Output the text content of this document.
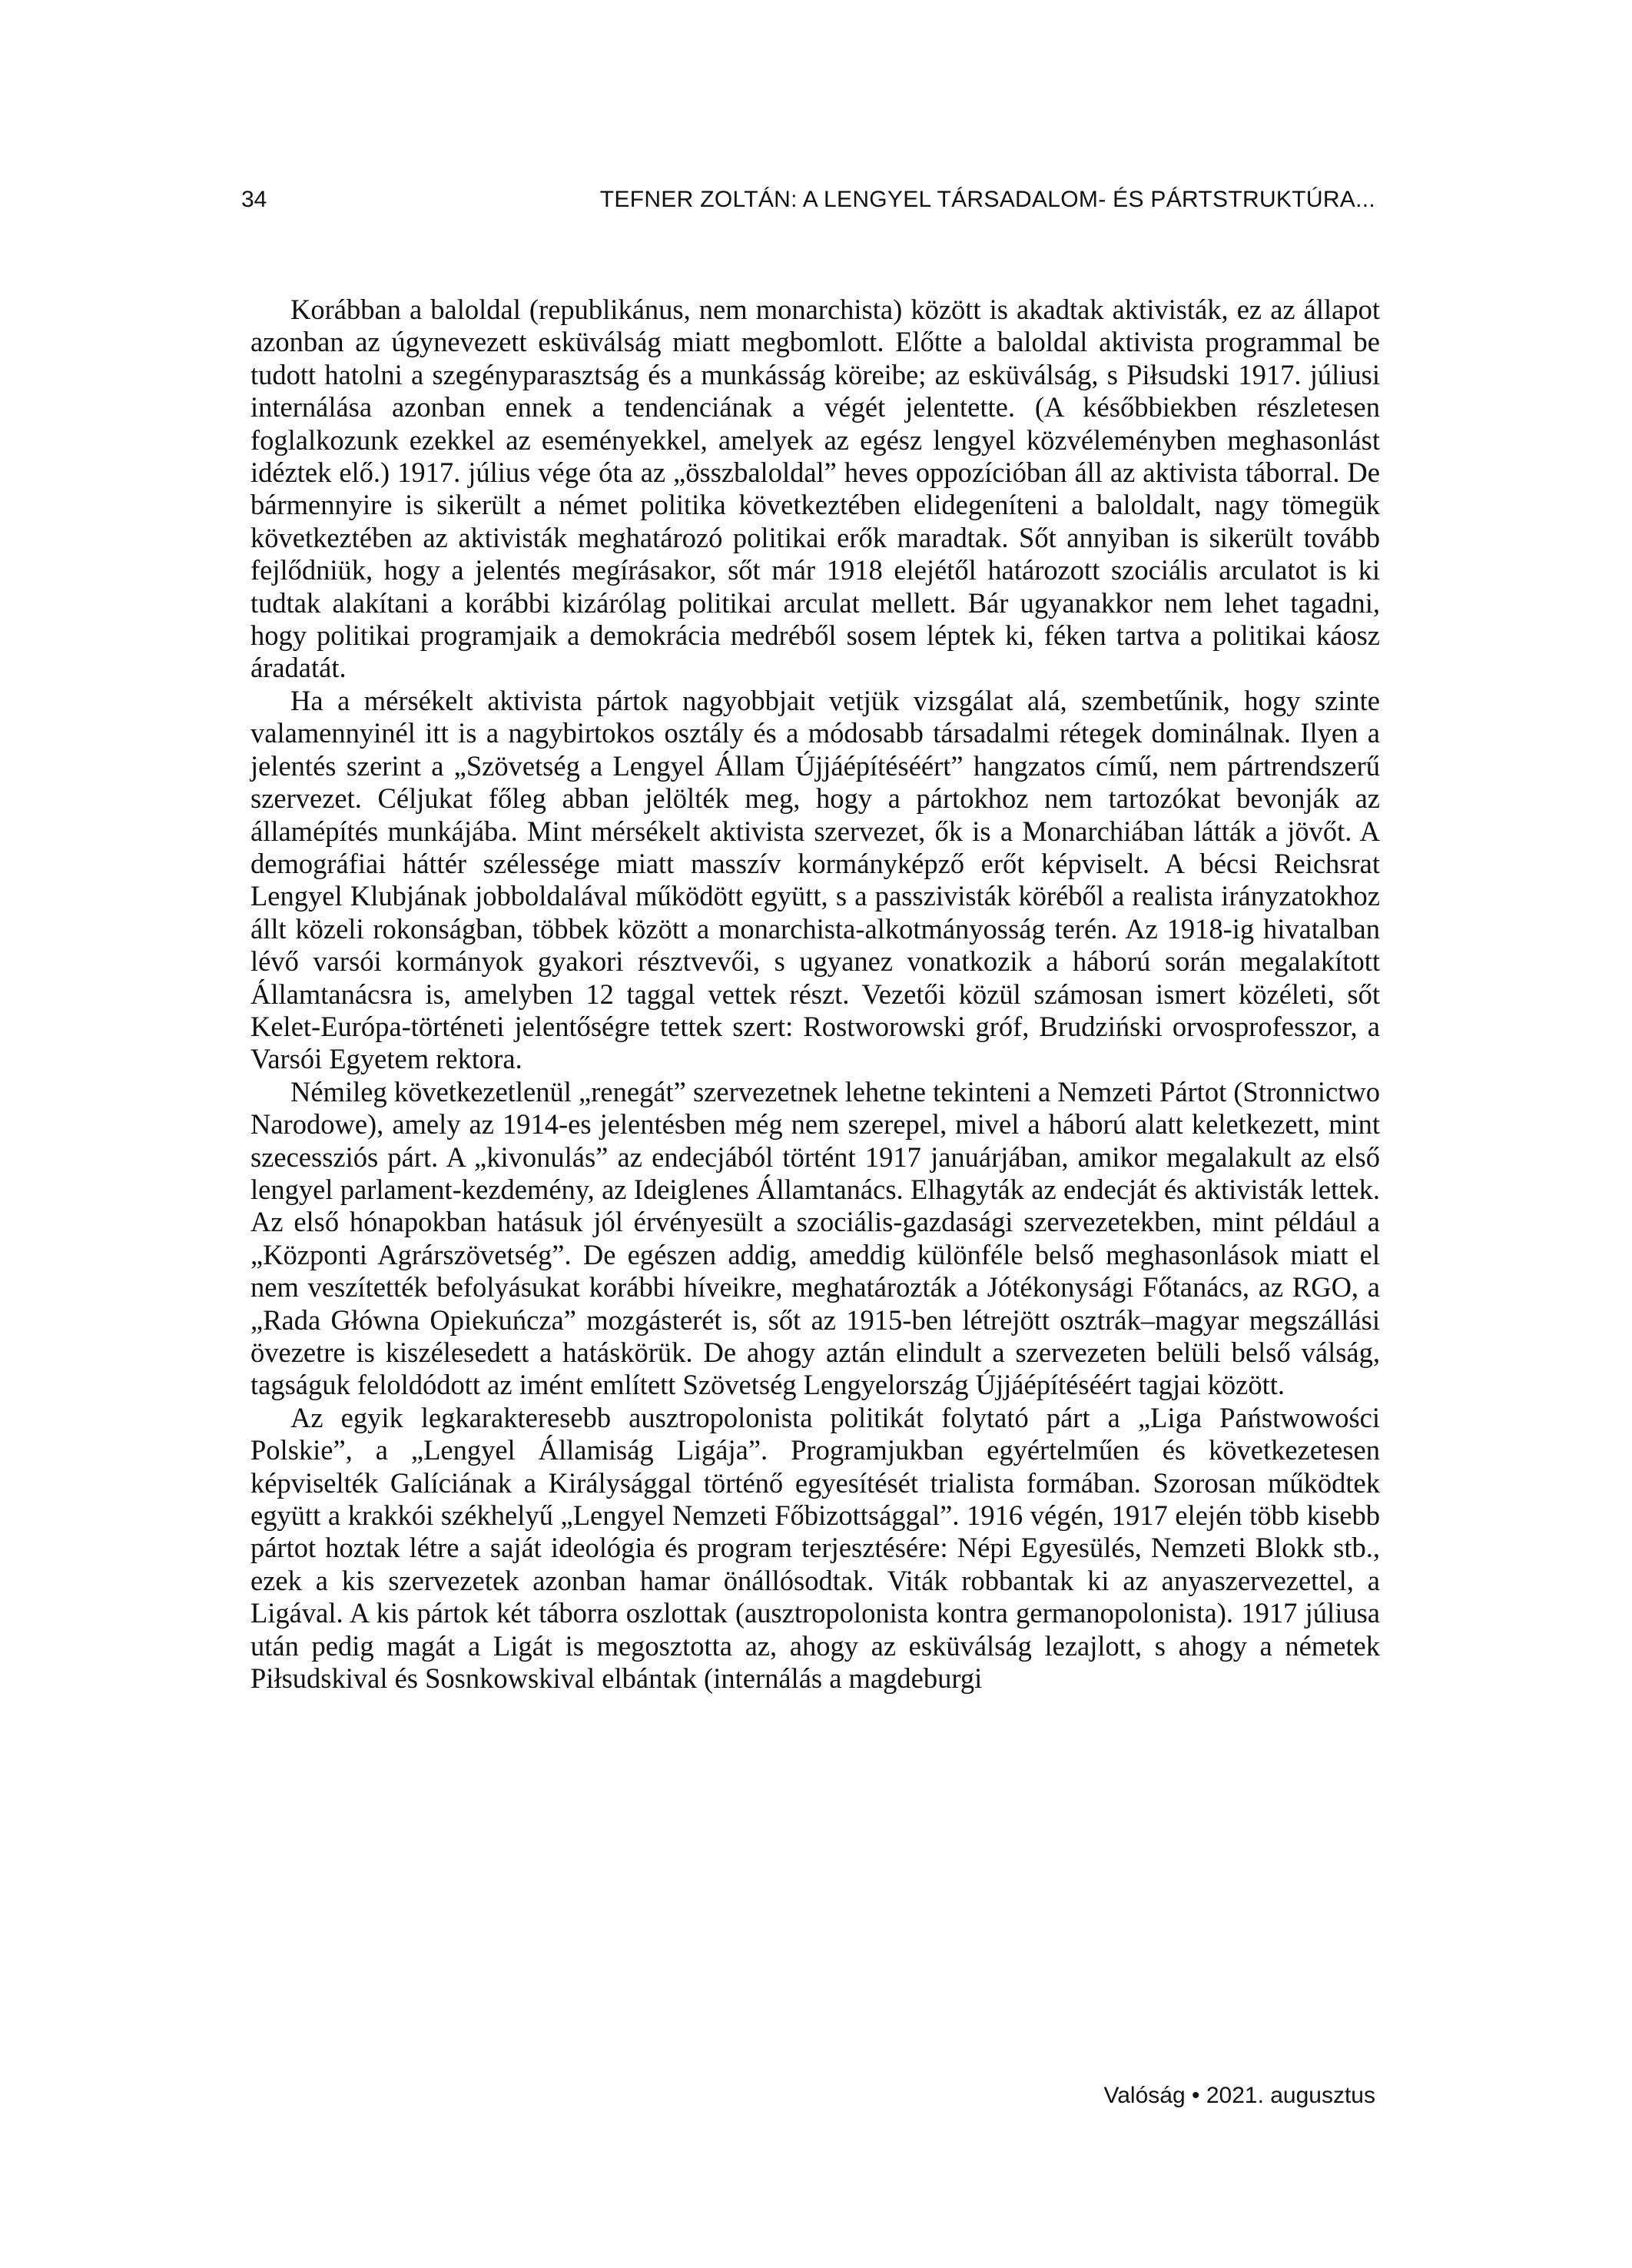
34	TEFNER ZOLTÁN: A LENGYEL TÁRSADALOM- ÉS PÁRTSTRUKTÚRA...

Korábban a baloldal (republikánus, nem monarchista) között is akadtak aktivisták, ez az állapot azonban az úgynevezett esküválság miatt megbomlott. Előtte a baloldal aktivista programmal be tudott hatolni a szegényparasztság és a munkásság köreibe; az esküválság, s Piłsudski 1917. júliusi internálása azonban ennek a tendenciának a végét jelentette. (A későbbiekben részletesen foglalkozunk ezekkel az eseményekkel, amelyek az egész lengyel közvéleményben meghasonlást idéztek elő.) 1917. július vége óta az „összbaloldal” heves oppozícióban áll az aktivista táborral. De bármennyire is sikerült a német politika következtében elidegeníteni a baloldalt, nagy tömegük következtében az aktivisták meghatározó politikai erők maradtak. Sőt annyiban is sikerült tovább fejlődniük, hogy a jelentés megírásakor, sőt már 1918 elejétől határozott szociális arculatot is ki tudtak alakítani a korábbi kizárólag politikai arculat mellett. Bár ugyanakkor nem lehet tagadni, hogy politikai programjaik a demokrácia medréből sosem léptek ki, féken tartva a politikai káosz áradatát.

Ha a mérsékelt aktivista pártok nagyobbjait vetjük vizsgálat alá, szembetűnik, hogy szinte valamennyinél itt is a nagybirtokos osztály és a módosabb társadalmi rétegek dominálnak. Ilyen a jelentés szerint a „Szövetség a Lengyel Állam Újjáépítéséért” hangzatos című, nem pártrendszerű szervezet. Céljukat főleg abban jelölték meg, hogy a pártokhoz nem tartozókat bevonják az államépítés munkájába. Mint mérsékelt aktivista szervezet, ők is a Monarchiában látták a jövőt. A demográfiai háttér szélessége miatt masszív kormányképző erőt képviselt. A bécsi Reichsrat Lengyel Klubjának jobboldalával működött együtt, s a passzivisták köréből a realista irányzatokhoz állt közeli rokonságban, többek között a monarchista-alkotmányosság terén. Az 1918-ig hivatalban lévő varsói kormányok gyakori résztvevői, s ugyanez vonatkozik a háború során megalakított Államtanácsra is, amelyben 12 taggal vettek részt. Vezetői közül számosan ismert közéleti, sőt Kelet-Európa-történeti jelentőségre tettek szert: Rostworowski gróf, Brudziński orvosprofesszor, a Varsói Egyetem rektora.

Némileg következetlenül „renegát” szervezetnek lehetne tekinteni a Nemzeti Pártot (Stronnictwo Narodowe), amely az 1914-es jelentésben még nem szerepel, mivel a háború alatt keletkezett, mint szecessziós párt. A „kivonulás” az endecjából történt 1917 januárjában, amikor megalakult az első lengyel parlament-kezdemény, az Ideiglenes Államtanács. Elhagyták az endecját és aktivisták lettek. Az első hónapokban hatásuk jól érvényesült a szociális-gazdasági szervezetekben, mint például a „Központi Agrárszövetség”. De egészen addig, ameddig különféle belső meghasonlások miatt el nem veszítették befolyásukat korábbi híveikre, meghatározták a Jótékonysági Főtanács, az RGO, a „Rada Główna Opiekuńcza” mozgásterét is, sőt az 1915-ben létrejött osztrák–magyar megszállási övezetre is kiszélesedett a hatáskörük. De ahogy aztán elindult a szervezeten belüli belső válság, tagságuk feloldódott az imént említett Szövetség Lengyelország Újjáépítéséért tagjai között.

Az egyik legkarakteresebb ausztropolonista politikát folytató párt a „Liga Państwowości Polskie”, a „Lengyel Államiság Ligája”. Programjukban egyértelműen és következetesen képviselték Galíciának a Királysággal történő egyesítését trialista formában. Szorosan működtek együtt a krakkói székhelyű „Lengyel Nemzeti Főbizottsággal”. 1916 végén, 1917 elején több kisebb pártot hoztak létre a saját ideológia és program terjesztésére: Népi Egyesülés, Nemzeti Blokk stb., ezek a kis szervezetek azonban hamar önállósodtak. Viták robbantak ki az anyaszervezettel, a Ligával. A kis pártok két táborra oszlottak (ausztropolonista kontra germanopolonista). 1917 júliusa után pedig magát a Ligát is megosztotta az, ahogy az esküválság lezajlott, s ahogy a németek Piłsudskival és Sosnkowskival elbántak (internálás a magdeburgi

Valóság • 2021. augusztus
